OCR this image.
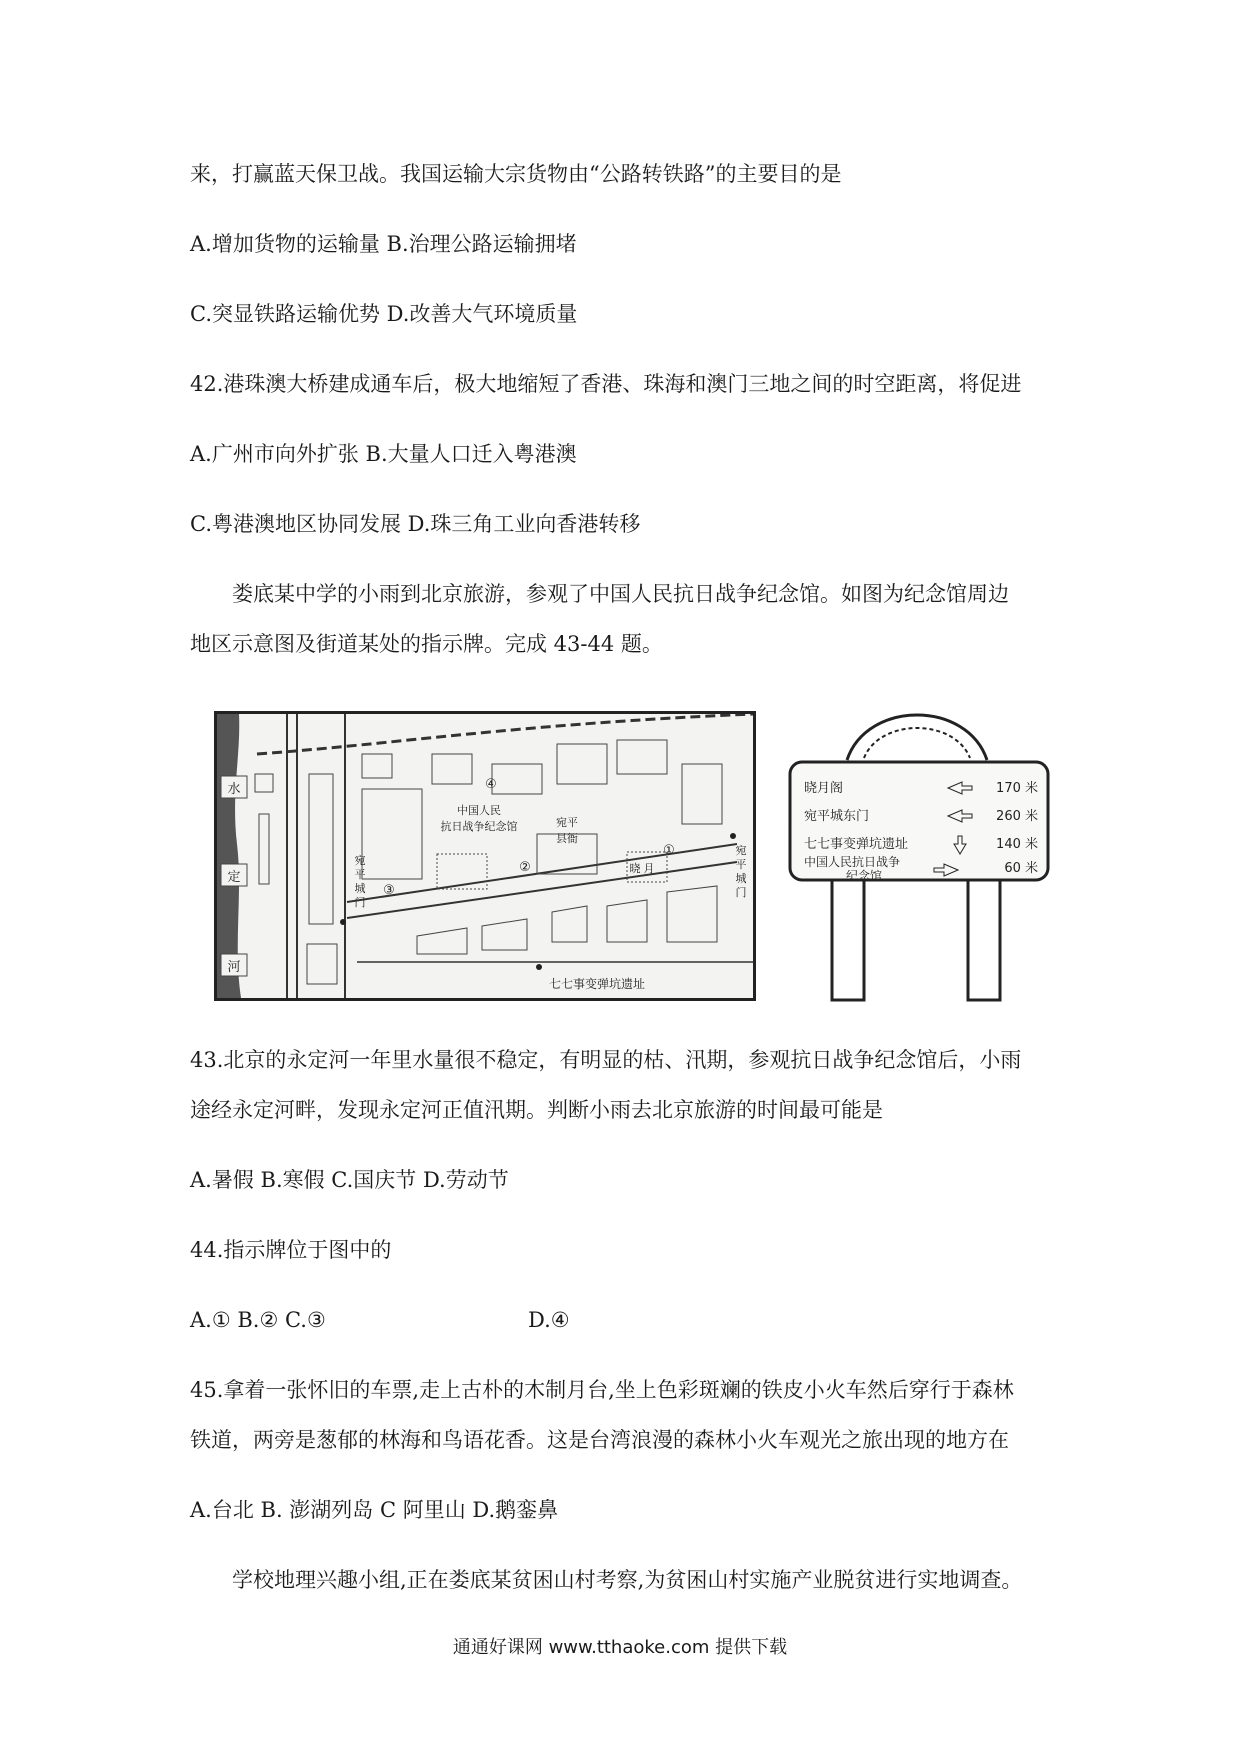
来，打赢蓝天保卫战。我国运输大宗货物由“公路转铁路”的主要目的是

A.增加货物的运输量 B.治理公路运输拥堵

C.突显铁路运输优势 D.改善大气环境质量

42.港珠澳大桥建成通车后，极大地缩短了香港、珠海和澳门三地之间的时空距离，将促进

A.广州市向外扩张 B.大量人口迁入粤港澳

C.粤港澳地区协同发展 D.珠三角工业向香港转移

娄底某中学的小雨到北京旅游，参观了中国人民抗日战争纪念馆。如图为纪念馆周边

地区示意图及街道某处的指示牌。完成 43-44 题。

水
定
河
中国人民
抗日战争纪念馆	宛平
县衙
宛
平
城
门
宛
平
城
门
晓 月
七七事变弹坑遗址
①
②
③
④	晓月阁	170 米
宛平城东门	260 米
七七事变弹坑遗址	140 米
中国人民抗日战争
纪念馆	60 米

43.北京的永定河一年里水量很不稳定，有明显的枯、汛期，参观抗日战争纪念馆后，小雨

途经永定河畔，发现永定河正值汛期。判断小雨去北京旅游的时间最可能是

A.暑假 B.寒假 C.国庆节 D.劳动节

44.指示牌位于图中的

A.① B.② C.③	D.④

45.拿着一张怀旧的车票,走上古朴的木制月台,坐上色彩斑斓的铁皮小火车然后穿行于森林

铁道，两旁是葱郁的林海和鸟语花香。这是台湾浪漫的森林小火车观光之旅出现的地方在

A.台北 B. 澎湖列岛 C 阿里山 D.鹅銮鼻

学校地理兴趣小组,正在娄底某贫困山村考察,为贫困山村实施产业脱贫进行实地调查。

通通好课网 www.tthaoke.com 提供下载
